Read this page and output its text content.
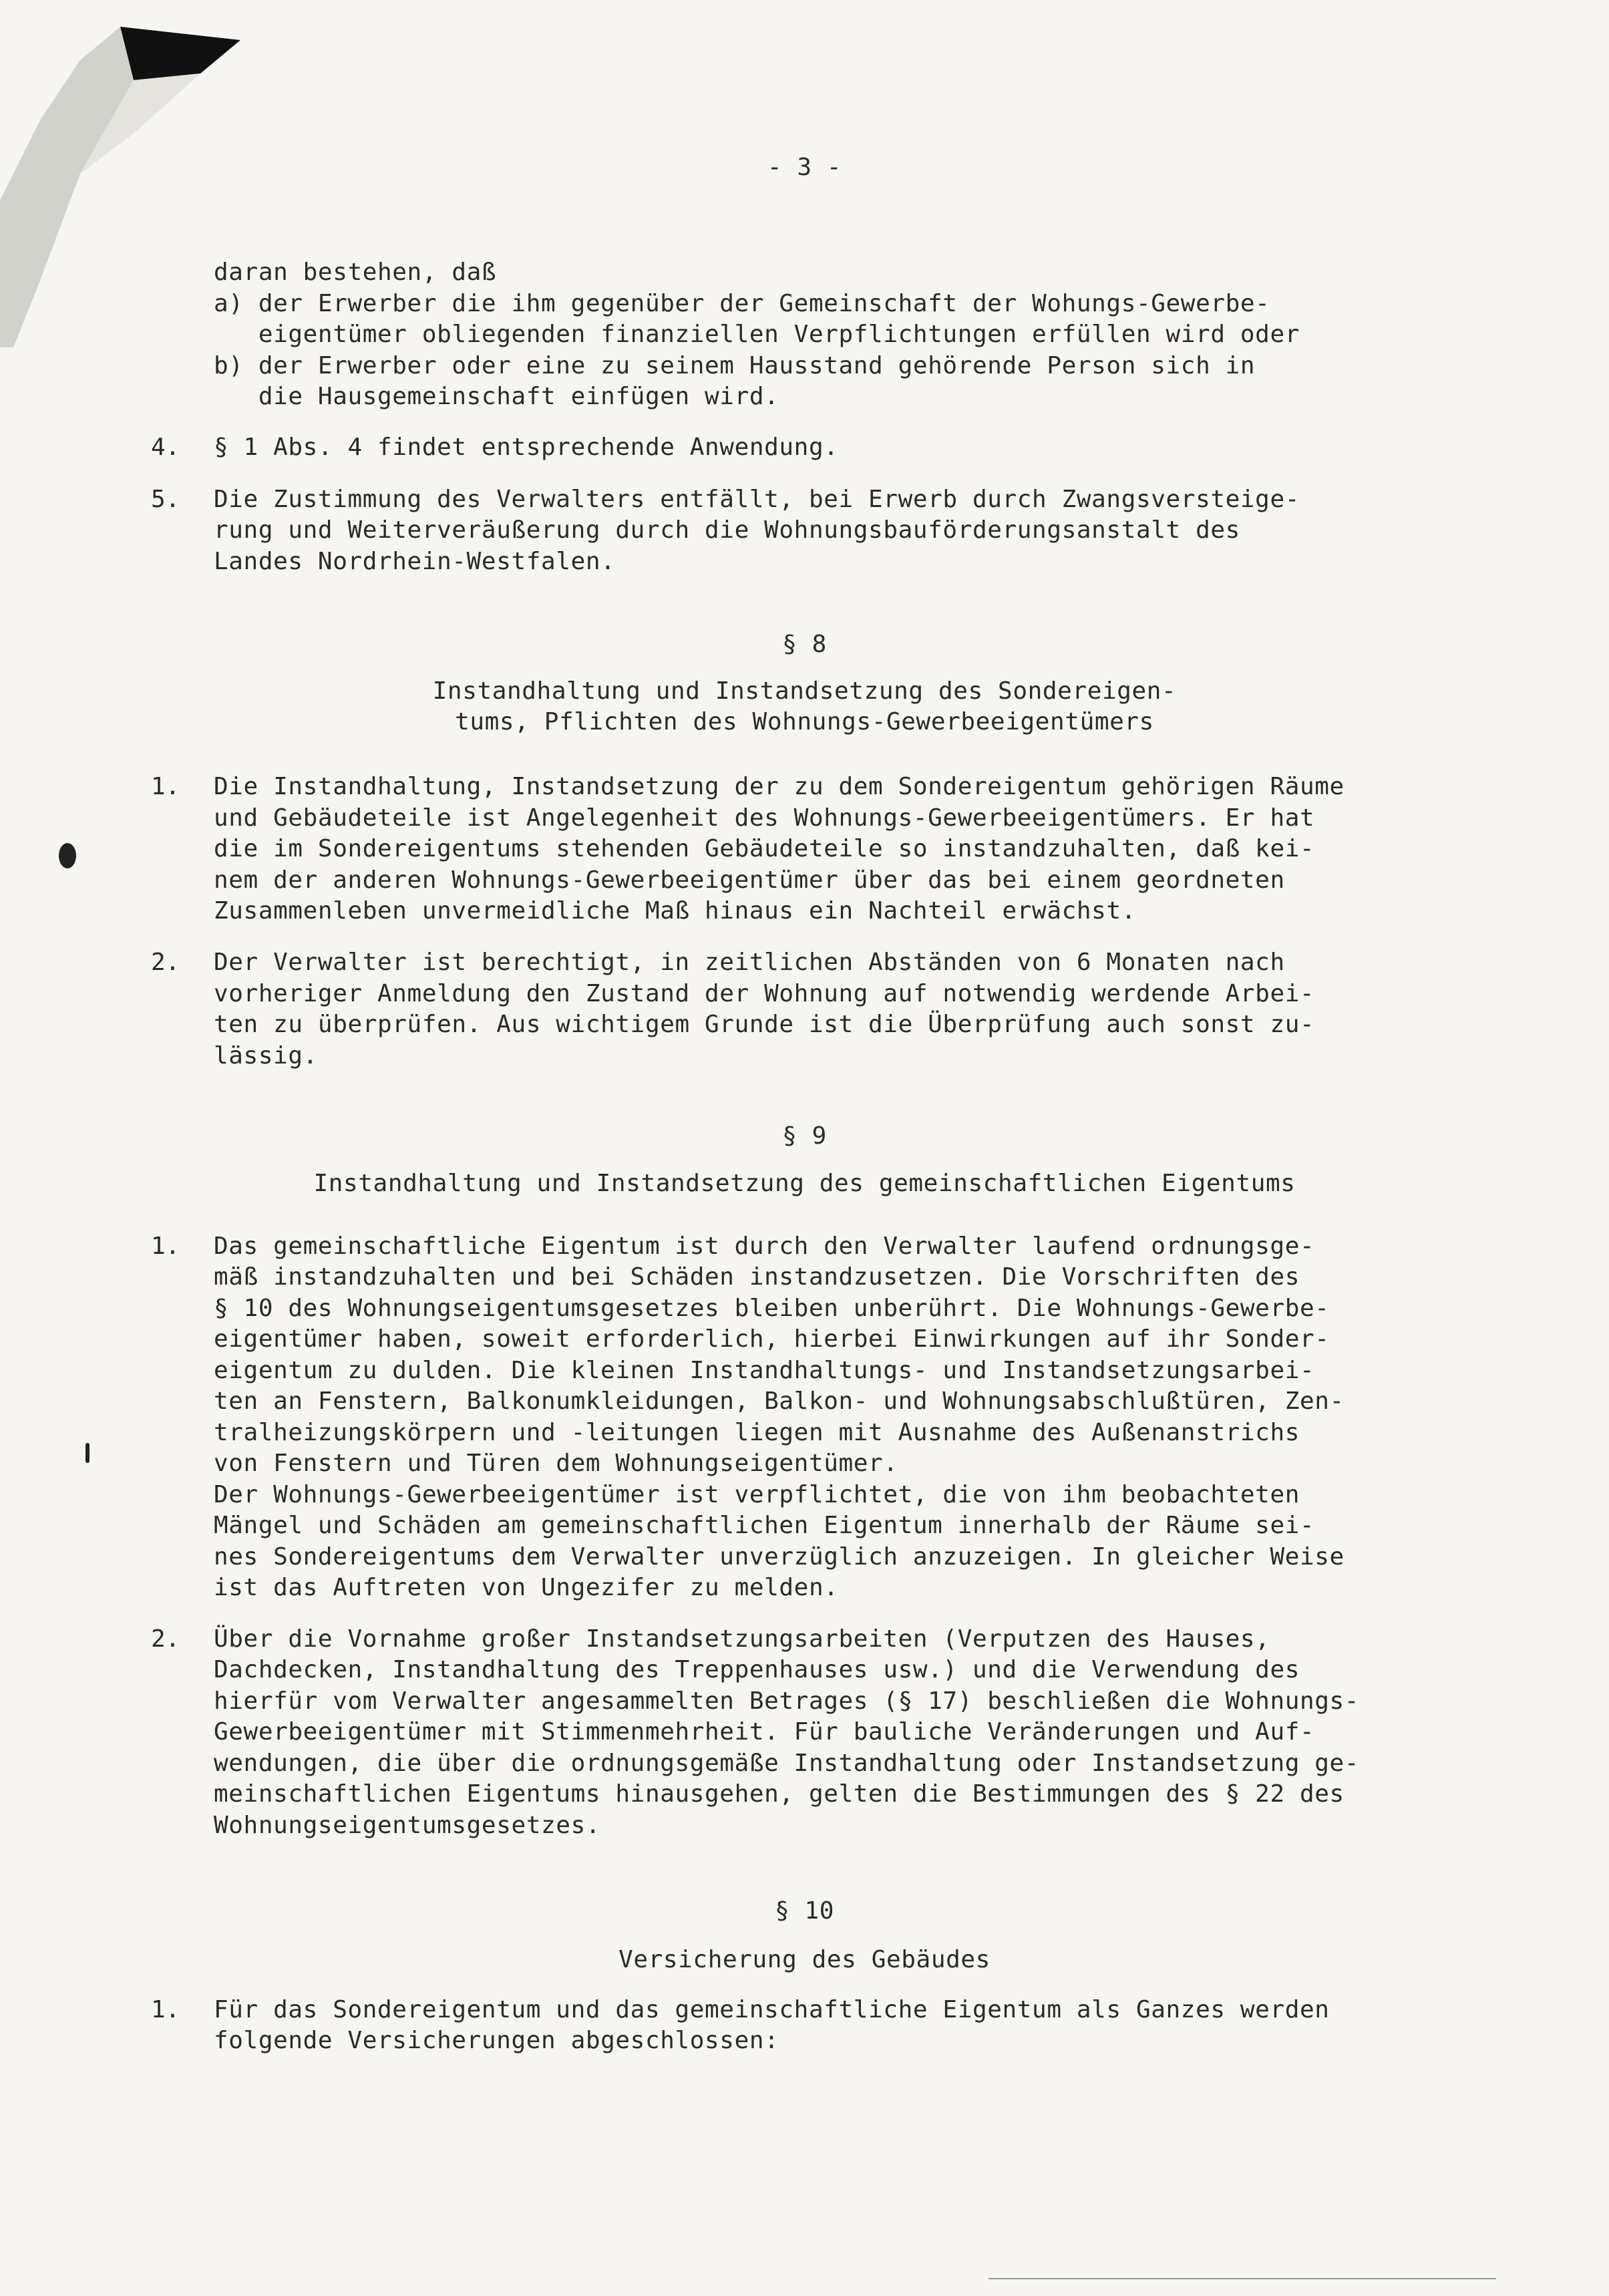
- 3 -
daran bestehen, daß
a) der Erwerber die ihm gegenüber der Gemeinschaft der Wohungs-Gewerbe-
eigentümer obliegenden finanziellen Verpflichtungen erfüllen wird oder
b) der Erwerber oder eine zu seinem Hausstand gehörende Person sich in
die Hausgemeinschaft einfügen wird.
4. § 1 Abs. 4 findet entsprechende Anwendung.
5. Die Zustimmung des Verwalters entfällt, bei Erwerb durch Zwangsversteige-
rung und Weiterveräußerung durch die Wohnungsbauförderungsanstalt des
Landes Nordrhein-Westfalen.
§ 8
Instandhaltung und Instandsetzung des Sondereigen-
tums, Pflichten des Wohnungs-Gewerbeeigentümers
1. Die Instandhaltung, Instandsetzung der zu dem Sondereigentum gehörigen Räume
und Gebäudeteile ist Angelegenheit des Wohnungs-Gewerbeeigentümers. Er hat
die im Sondereigentums stehenden Gebäudeteile so instandzuhalten, daß kei-
nem der anderen Wohnungs-Gewerbeeigentümer über das bei einem geordneten
Zusammenleben unvermeidliche Maß hinaus ein Nachteil erwächst.
2. Der Verwalter ist berechtigt, in zeitlichen Abständen von 6 Monaten nach
vorheriger Anmeldung den Zustand der Wohnung auf notwendig werdende Arbei-
ten zu überprüfen. Aus wichtigem Grunde ist die Überprüfung auch sonst zu-
lässig.
§ 9
Instandhaltung und Instandsetzung des gemeinschaftlichen Eigentums
1. Das gemeinschaftliche Eigentum ist durch den Verwalter laufend ordnungsge-
mäß instandzuhalten und bei Schäden instandzusetzen. Die Vorschriften des
§ 10 des Wohnungseigentumsgesetzes bleiben unberührt. Die Wohnungs-Gewerbe-
eigentümer haben, soweit erforderlich, hierbei Einwirkungen auf ihr Sonder-
eigentum zu dulden. Die kleinen Instandhaltungs- und Instandsetzungsarbei-
ten an Fenstern, Balkonumkleidungen, Balkon- und Wohnungsabschlußtüren, Zen-
tralheizungskörpern und -leitungen liegen mit Ausnahme des Außenanstrichs
von Fenstern und Türen dem Wohnungseigentümer.
Der Wohnungs-Gewerbeeigentümer ist verpflichtet, die von ihm beobachteten
Mängel und Schäden am gemeinschaftlichen Eigentum innerhalb der Räume sei-
nes Sondereigentums dem Verwalter unverzüglich anzuzeigen. In gleicher Weise
ist das Auftreten von Ungezifer zu melden.
2. Über die Vornahme großer Instandsetzungsarbeiten (Verputzen des Hauses,
Dachdecken, Instandhaltung des Treppenhauses usw.) und die Verwendung des
hierfür vom Verwalter angesammelten Betrages (§ 17) beschließen die Wohnungs-
Gewerbeeigentümer mit Stimmenmehrheit. Für bauliche Veränderungen und Auf-
wendungen, die über die ordnungsgemäße Instandhaltung oder Instandsetzung ge-
meinschaftlichen Eigentums hinausgehen, gelten die Bestimmungen des § 22 des
Wohnungseigentumsgesetzes.
§ 10
Versicherung des Gebäudes
1. Für das Sondereigentum und das gemeinschaftliche Eigentum als Ganzes werden
folgende Versicherungen abgeschlossen:
